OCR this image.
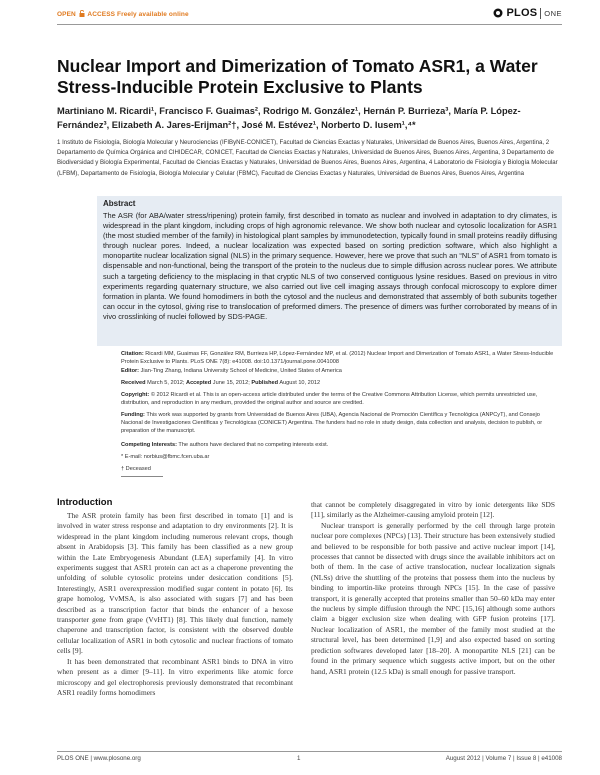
OPEN ACCESS Freely available online	PLOS ONE
Nuclear Import and Dimerization of Tomato ASR1, a Water Stress-Inducible Protein Exclusive to Plants
Martiniano M. Ricardi¹, Francisco F. Guaimas², Rodrigo M. González¹, Hernán P. Burrieza³, María P. López-Fernández³, Elizabeth A. Jares-Erijman²†, José M. Estévez¹, Norberto D. Iusem¹,⁴*
1 Instituto de Fisiología, Biología Molecular y Neurociencias (IFIByNE-CONICET), Facultad de Ciencias Exactas y Naturales, Universidad de Buenos Aires, Buenos Aires, Argentina, 2 Departamento de Química Orgánica and CIHIDECAR, CONICET, Facultad de Ciencias Exactas y Naturales, Universidad de Buenos Aires, Buenos Aires, Argentina, 3 Departamento de Biodiversidad y Biología Experimental, Facultad de Ciencias Exactas y Naturales, Universidad de Buenos Aires, Buenos Aires, Argentina, 4 Laboratorio de Fisiología y Biología Molecular (LFBM), Departamento de Fisiología, Biología Molecular y Celular (FBMC), Facultad de Ciencias Exactas y Naturales, Universidad de Buenos Aires, Buenos Aires, Argentina
Abstract
The ASR (for ABA/water stress/ripening) protein family, first described in tomato as nuclear and involved in adaptation to dry climates, is widespread in the plant kingdom, including crops of high agronomic relevance. We show both nuclear and cytosolic localization for ASR1 (the most studied member of the family) in histological plant samples by immunodetection, typically found in small proteins readily diffusing through nuclear pores. Indeed, a nuclear localization was expected based on sorting prediction software, which also highlight a monopartite nuclear localization signal (NLS) in the primary sequence. However, here we prove that such an “NLS” of ASR1 from tomato is dispensable and non-functional, being the transport of the protein to the nucleus due to simple diffusion across nuclear pores. We attribute such a targeting deficiency to the misplacing in that cryptic NLS of two conserved contiguous lysine residues. Based on previous in vitro experiments regarding quaternary structure, we also carried out live cell imaging assays through confocal microscopy to explore dimer formation in planta. We found homodimers in both the cytosol and the nucleus and demonstrated that assembly of both subunits together can occur in the cytosol, giving rise to translocation of preformed dimers. The presence of dimers was further corroborated by means of in vivo crosslinking of nuclei followed by SDS-PAGE.
Citation: Ricardi MM, Guaimas FF, González RM, Burrieza HP, López-Fernández MP, et al. (2012) Nuclear Import and Dimerization of Tomato ASR1, a Water Stress-Inducible Protein Exclusive to Plants. PLoS ONE 7(8): e41008. doi:10.1371/journal.pone.0041008
Editor: Jian-Ting Zhang, Indiana University School of Medicine, United States of America
Received March 5, 2012; Accepted June 15, 2012; Published August 10, 2012
Copyright: © 2012 Ricardi et al. This is an open-access article distributed under the terms of the Creative Commons Attribution License, which permits unrestricted use, distribution, and reproduction in any medium, provided the original author and source are credited.
Funding: This work was supported by grants from Universidad de Buenos Aires (UBA), Agencia Nacional de Promoción Científica y Tecnológica (ANPCyT), and Consejo Nacional de Investigaciones Científicas y Tecnológicas (CONICET) Argentina. The funders had no role in study design, data collection and analysis, decision to publish, or preparation of the manuscript.
Competing Interests: The authors have declared that no competing interests exist.
* E-mail: norbius@fbmc.fcen.uba.ar
† Deceased
Introduction

The ASR protein family has been first described in tomato [1] and is involved in water stress response and adaptation to dry environments [2]. It is widespread in the plant kingdom including numerous relevant crops, though absent in Arabidopsis [3]. This family has been classified as a new group within the Late Embryogenesis Abundant (LEA) superfamily [4]. In vitro experiments suggest that ASR1 protein can act as a chaperone preventing the unfolding of soluble cytosolic proteins under desiccation conditions [5]. Interestingly, ASR1 overexpression modified sugar content in potato [6]. Its grape homolog, VvMSA, is also associated with sugars [7] and has been described as a transcription factor that binds the enhancer of a hexose transporter gene from grape (VvHT1) [8]. This likely dual function, namely chaperone and transcription factor, is consistent with the observed double cellular localization of ASR1 in both cytosolic and nuclear fractions of tomato cells [9].

It has been demonstrated that recombinant ASR1 binds to DNA in vitro when present as a dimer [9–11]. In vitro experiments like atomic force microscopy and gel electrophoresis previously demonstrated that recombinant ASR1 readily forms homodimers

that cannot be completely disaggregated in vitro by ionic detergents like SDS [11], similarly as the Alzheimer-causing amyloid protein [12].

Nuclear transport is generally performed by the cell through large protein nuclear pore complexes (NPCs) [13]. Their structure has been extensively studied and believed to be responsible for both passive and active nuclear import [14], processes that cannot be dissected with drugs since the available inhibitors act on both of them. In the case of active translocation, nuclear localization signals (NLSs) drive the shuttling of the proteins that possess them into the nucleus by binding to importin-like proteins through NPCs [15]. In the case of passive transport, it is generally accepted that proteins smaller than 50–60 kDa may enter the nucleus by simple diffusion through the NPC [15,16] although some authors claim a bigger exclusion size when dealing with GFP fusion proteins [17]. Nuclear localization of ASR1, the member of the family most studied at the structural level, has been determined [1,9] and also expected based on sorting prediction softwares developed later [18–20]. A monopartite NLS [21] can be found in the primary sequence which suggests active import, but on the other hand, ASR1 protein (12.5 kDa) is small enough for passive transport.

PLOS ONE | www.plosone.org	1	August 2012 | Volume 7 | Issue 8 | e41008
